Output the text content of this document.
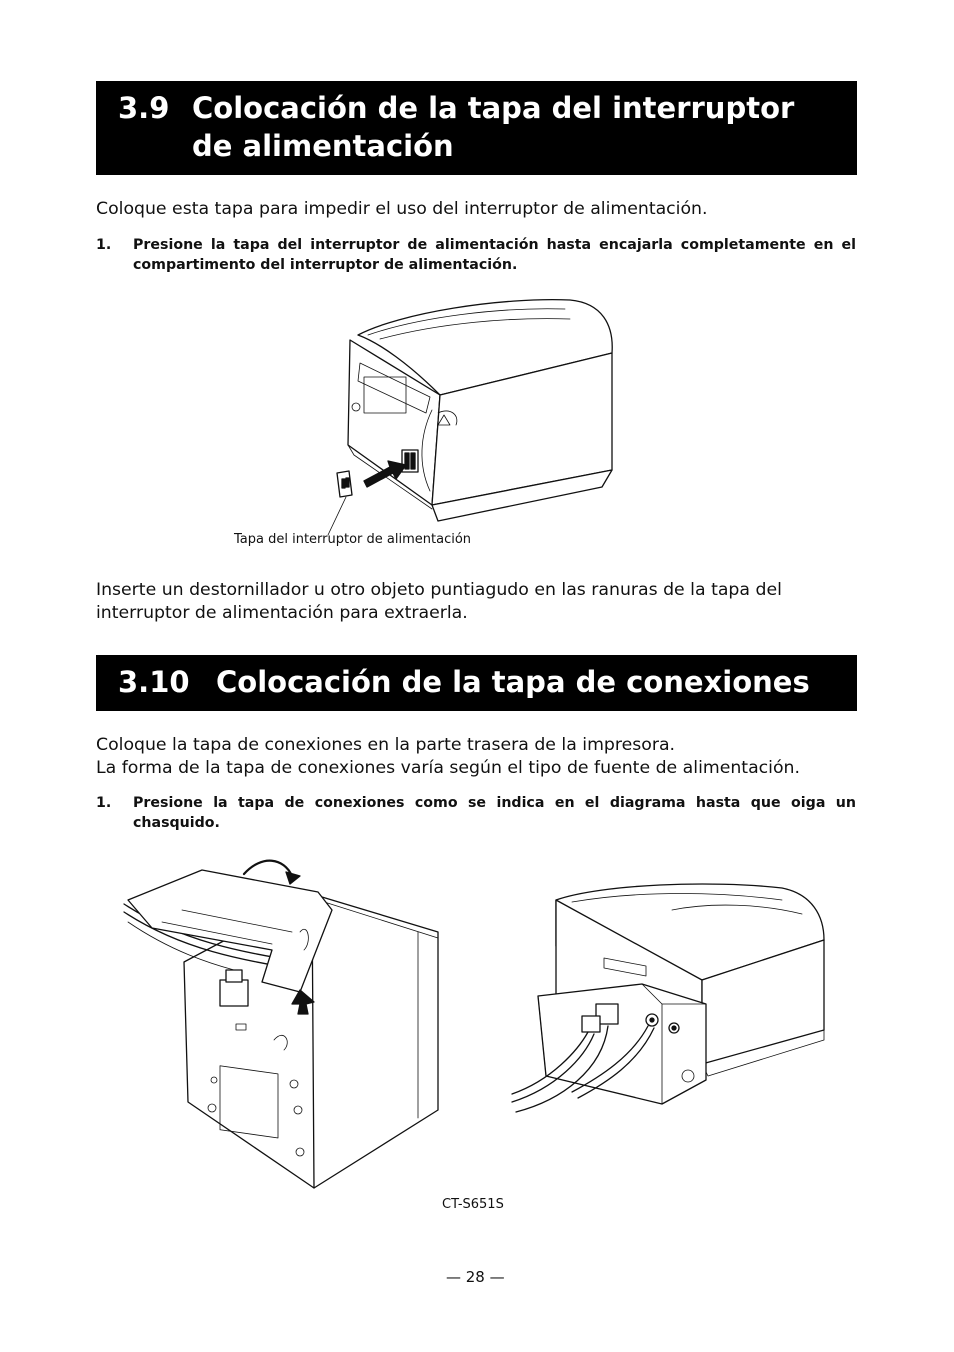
3.9 Colocación de la tapa del interruptor de alimentación
Coloque esta tapa para impedir el uso del interruptor de alimentación.
1. Presione la tapa del interruptor de alimentación hasta encajarla completamente en el compartimento del interruptor de alimentación.
Tapa del interruptor de alimentación
Inserte un destornillador u otro objeto puntiagudo en las ranuras de la tapa del interruptor de alimentación para extraerla.
3.10 Colocación de la tapa de conexiones
Coloque la tapa de conexiones en la parte trasera de la impresora.
La forma de la tapa de conexiones varía según el tipo de fuente de alimentación.
1. Presione la tapa de conexiones como se indica en el diagrama hasta que oiga un chasquido.
CT-S651S
— 28 —
